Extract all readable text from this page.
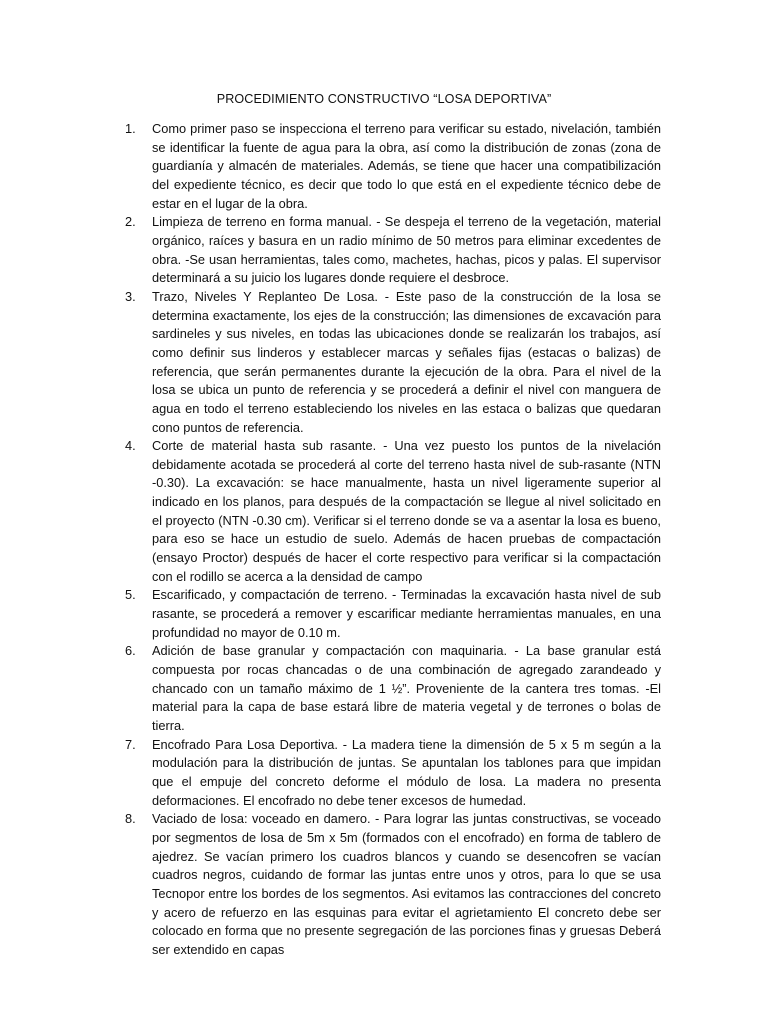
PROCEDIMIENTO CONSTRUCTIVO “LOSA DEPORTIVA”
1. Como primer paso se inspecciona el terreno para verificar su estado, nivelación, también se identificar la fuente de agua para la obra, así como la distribución de zonas (zona de guardianía y almacén de materiales. Además, se tiene que hacer una compatibilización del expediente técnico, es decir que todo lo que está en el expediente técnico debe de estar en el lugar de la obra.
2. Limpieza de terreno en forma manual. - Se despeja el terreno de la vegetación, material orgánico, raíces y basura en un radio mínimo de 50 metros para eliminar excedentes de obra. -Se usan herramientas, tales como, machetes, hachas, picos y palas. El supervisor determinará a su juicio los lugares donde requiere el desbroce.
3. Trazo, Niveles Y Replanteo De Losa. - Este paso de la construcción de la losa se determina exactamente, los ejes de la construcción; las dimensiones de excavación para sardineles y sus niveles, en todas las ubicaciones donde se realizarán los trabajos, así como definir sus linderos y establecer marcas y señales fijas (estacas o balizas) de referencia, que serán permanentes durante la ejecución de la obra. Para el nivel de la losa se ubica un punto de referencia y se procederá a definir el nivel con manguera de agua en todo el terreno estableciendo los niveles en las estaca o balizas que quedaran cono puntos de referencia.
4. Corte de material hasta sub rasante. - Una vez puesto los puntos de la nivelación debidamente acotada se procederá al corte del terreno hasta nivel de sub-rasante (NTN -0.30). La excavación: se hace manualmente, hasta un nivel ligeramente superior al indicado en los planos, para después de la compactación se llegue al nivel solicitado en el proyecto (NTN -0.30 cm). Verificar si el terreno donde se va a asentar la losa es bueno, para eso se hace un estudio de suelo. Además de hacen pruebas de compactación (ensayo Proctor) después de hacer el corte respectivo para verificar si la compactación con el rodillo se acerca a la densidad de campo
5. Escarificado, y compactación de terreno. - Terminadas la excavación hasta nivel de sub rasante, se procederá a remover y escarificar mediante herramientas manuales, en una profundidad no mayor de 0.10 m.
6. Adición de base granular y compactación con maquinaria. - La base granular está compuesta por rocas chancadas o de una combinación de agregado zarandeado y chancado con un tamaño máximo de 1 ½”. Proveniente de la cantera tres tomas. -El material para la capa de base estará libre de materia vegetal y de terrones o bolas de tierra.
7. Encofrado Para Losa Deportiva. - La madera tiene la dimensión de 5 x 5 m según a la modulación para la distribución de juntas. Se apuntalan los tablones para que impidan que el empuje del concreto deforme el módulo de losa. La madera no presenta deformaciones. El encofrado no debe tener excesos de humedad.
8. Vaciado de losa: voceado en damero. - Para lograr las juntas constructivas, se voceado por segmentos de losa de 5m x 5m (formados con el encofrado) en forma de tablero de ajedrez. Se vacían primero los cuadros blancos y cuando se desencofren se vacían cuadros negros, cuidando de formar las juntas entre unos y otros, para lo que se usa Tecnopor entre los bordes de los segmentos. Asi evitamos las contracciones del concreto y acero de refuerzo en las esquinas para evitar el agrietamiento El concreto debe ser colocado en forma que no presente segregación de las porciones finas y gruesas Deberá ser extendido en capas
